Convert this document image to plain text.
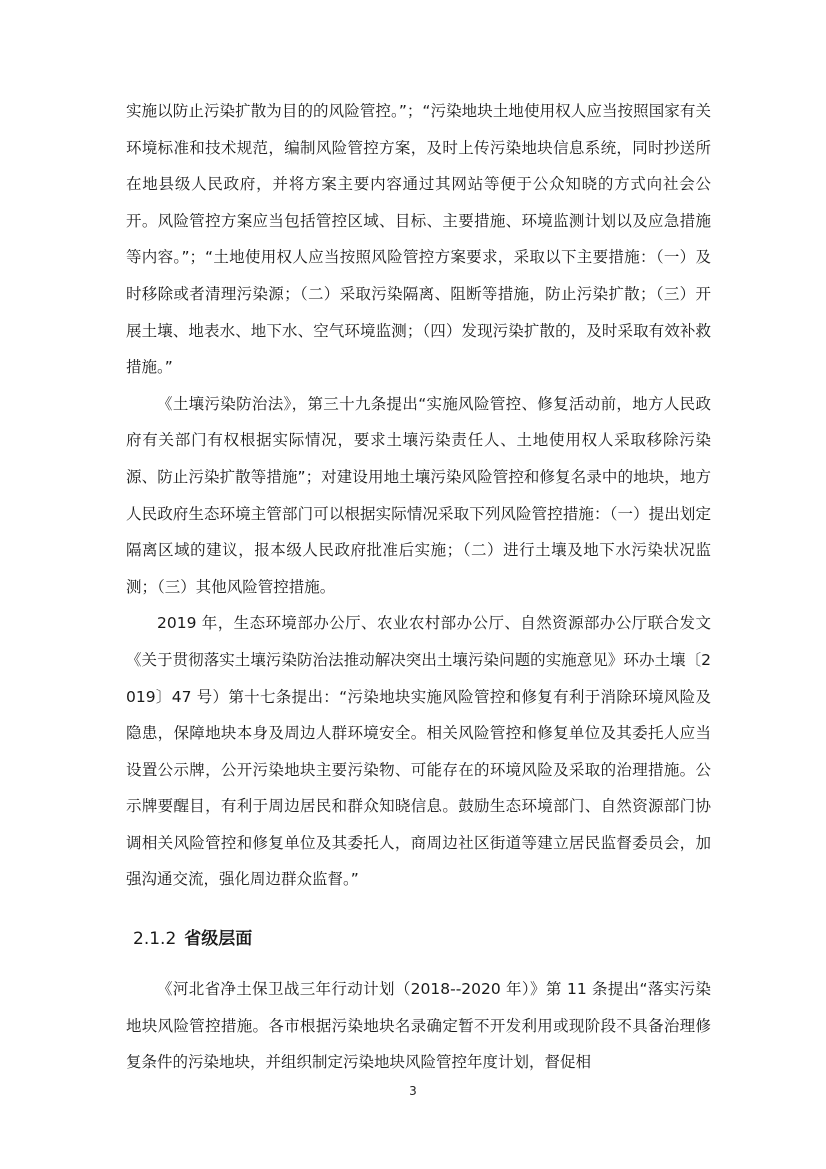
实施以防止污染扩散为目的的风险管控。”；“污染地块土地使用权人应当按照国家有关环境标准和技术规范，编制风险管控方案，及时上传污染地块信息系统，同时抄送所在地县级人民政府，并将方案主要内容通过其网站等便于公众知晓的方式向社会公开。风险管控方案应当包括管控区域、目标、主要措施、环境监测计划以及应急措施等内容。”；“土地使用权人应当按照风险管控方案要求，采取以下主要措施：（一）及时移除或者清理污染源；（二）采取污染隔离、阻断等措施，防止污染扩散；（三）开展土壤、地表水、地下水、空气环境监测；（四）发现污染扩散的，及时采取有效补救措施。”

《土壤污染防治法》，第三十九条提出“实施风险管控、修复活动前，地方人民政府有关部门有权根据实际情况，要求土壤污染责任人、土地使用权人采取移除污染源、防止污染扩散等措施”；对建设用地土壤污染风险管控和修复名录中的地块，地方人民政府生态环境主管部门可以根据实际情况采取下列风险管控措施：（一）提出划定隔离区域的建议，报本级人民政府批准后实施；（二）进行土壤及地下水污染状况监测；（三）其他风险管控措施。

2019 年，生态环境部办公厅、农业农村部办公厅、自然资源部办公厅联合发文《关于贯彻落实土壤污染防治法推动解决突出土壤污染问题的实施意见》环办土壤〔2019〕47 号）第十七条提出：“污染地块实施风险管控和修复有利于消除环境风险及隐患，保障地块本身及周边人群环境安全。相关风险管控和修复单位及其委托人应当设置公示牌，公开污染地块主要污染物、可能存在的环境风险及采取的治理措施。公示牌要醒目，有利于周边居民和群众知晓信息。鼓励生态环境部门、自然资源部门协调相关风险管控和修复单位及其委托人，商周边社区街道等建立居民监督委员会，加强沟通交流，强化周边群众监督。”

2.1.2 省级层面

《河北省净土保卫战三年行动计划（2018--2020 年）》第 11 条提出“落实污染地块风险管控措施。各市根据污染地块名录确定暂不开发利用或现阶段不具备治理修复条件的污染地块，并组织制定污染地块风险管控年度计划，督促相

3
